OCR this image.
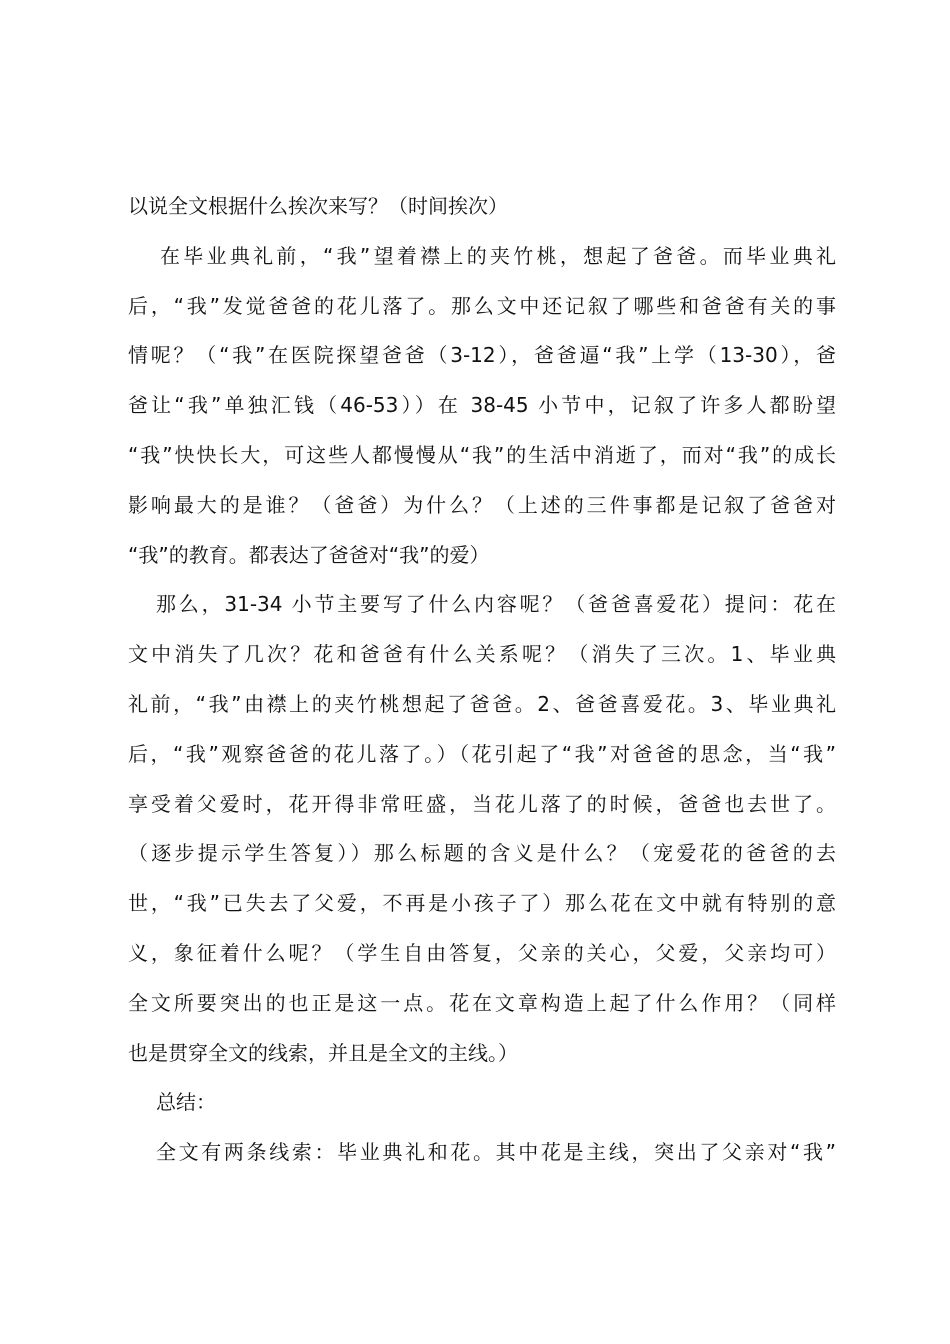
以说全文根据什么挨次来写？（时间挨次）
在毕业典礼前，“我”望着襟上的夹竹桃，想起了爸爸。而毕业典礼
后，“我”发觉爸爸的花儿落了。那么文中还记叙了哪些和爸爸有关的事
情呢？（“我”在医院探望爸爸（3-12），爸爸逼“我”上学（13-30），爸
爸让“我”单独汇钱（46-53））在 38-45 小节中，记叙了许多人都盼望
“我”快快长大，可这些人都慢慢从“我”的生活中消逝了，而对“我”的成长
影响最大的是谁？（爸爸）为什么？（上述的三件事都是记叙了爸爸对
“我”的教育。都表达了爸爸对“我”的爱）
那么，31-34 小节主要写了什么内容呢？（爸爸喜爱花）提问：花在
文中消失了几次？花和爸爸有什么关系呢？（消失了三次。1、毕业典
礼前，“我”由襟上的夹竹桃想起了爸爸。2、爸爸喜爱花。3、毕业典礼
后，“我”观察爸爸的花儿落了。）（花引起了“我”对爸爸的思念，当“我”
享受着父爱时，花开得非常旺盛，当花儿落了的时候，爸爸也去世了。
（逐步提示学生答复））那么标题的含义是什么？（宠爱花的爸爸的去
世，“我”已失去了父爱，不再是小孩子了）那么花在文中就有特别的意
义，象征着什么呢？（学生自由答复，父亲的关心，父爱，父亲均可）
全文所要突出的也正是这一点。花在文章构造上起了什么作用？（同样
也是贯穿全文的线索，并且是全文的主线。）
总结：
全文有两条线索：毕业典礼和花。其中花是主线，突出了父亲对“我”
